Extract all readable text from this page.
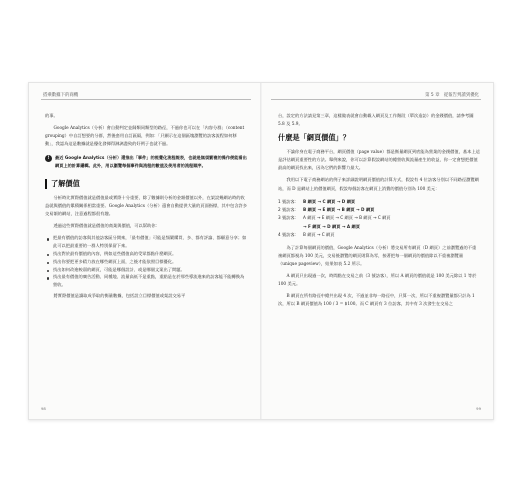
搭乘數據下的商機	第 5 章　從報告判讀到優化

的事。

Google Analytics（分析）會自動判定並歸類同類型的路徑，不過你也可以在「內容分群」（content grouping）中自訂想要的分群，然後套用自訂區隔，例如：「只顯示在這個區塊瀏覽的訪客流程如何移動」，我認為這是數據就是優化發揮得淋漓盡致的好例子也就不過。

!	最近 Google Analytics（分析）還推出「事件」的視覺化流程報表，也就是無須繁複的操作便能看出網頁上的計算邏輯。此外，用以瀏覽每個事件與流程的數值及使用者的流程順序。
了解價值

分析時比實際價值就是價值最或實際十分重要，除了數據則分析的金額價值以外，在架設幾網站時的收益就與價值的累積關係相當重要。Google Analytics（分析）還會自動提供大量的頁面指標，其中包含許多交易額的網站，注意過程都很有趣。

透過這些實際價值就是價值的商業與價值，可以幫助你：

把最有價值的訪客與其他訪客區分開來，「最有價值」可能是頻繁購買、多、都有評論、都願意分享；如此可以把最重要的一群人特別保留下來。
找出對於最有價值的內容，例如這些價值高的受眾都點什麼網頁。
找出你要把更多精力放在哪些網頁上面，之後才能依照目標優化。
找出如何改進較弱的網頁，可能是哪個設計、或是哪個文案出了問題。
找出最有價值的廣告活動、同種地、流量高低不是重點，重點是在於那些導流進來的訪客能不能轉換為營收。

將實際價值是讀取成爭取的衡量數據，包括設立目標價值或架設交易平

台，設定的方法請見第三章，這樣做表就會自動載入網頁及工作階段（單次造訪）的金錢價值，請參考圖 5.8 及 5.9。

什麼是「網頁價值」？

不論你身在電子商務平台，網頁價值（page value）都是衡量網頁到底能為營業的金錢價值，基本上這是評估網頁重要性的方法。舉例來說，你可以計算假設網站的總營收與流量產生的收益，你一定會想把價值最高的網頁找出來，因為它們的影響力最大。

我用以下電子商務網站的例子來詳細說明網頁價值的計算方式，假設有 4 位訪客分別以不同路徑瀏覽網站，而 D 是網站上的價值網頁，假設每個訪客在網頁上消費的價值分別為 100 美元：

1 號訪客： B 網頁 → C 網頁 → D 網頁
2 號訪客： B 網頁 → E 網頁 → B 網頁 → D 網頁
3 號訪客： A 網頁 → E 網頁 → C 網頁 → B 網頁 → C 網頁
→ F 網頁 → D 網頁 → A 網頁
4 號訪客： B 網頁 → C 網頁

為了計算每個網頁的價值，Google Analytics（分析）將交易所有網頁（D 網頁）之前瀏覽過的不重複網頁都視為 100 美元，交易後瀏覽的網頁則算為零，接著把每一個網頁的價值除以不重複瀏覽量（unique pageview），結果如表 5.2 所示。

A 網頁只出現過一次，時間點在交易之前（3 號訪客），所以 A 網頁的價值就是 100 美元除以 1 等於 100 美元。

B 網頁在所有路徑中總共出現 4 次，不過並非每一路徑中，只算一次，所以不重複瀏覽量都只計為 1 次，所以 B 網頁價值為 100 / 3 = $100。而 C 網頁有 3 位訪客，其中有 3 次發生在交易之

98	99
